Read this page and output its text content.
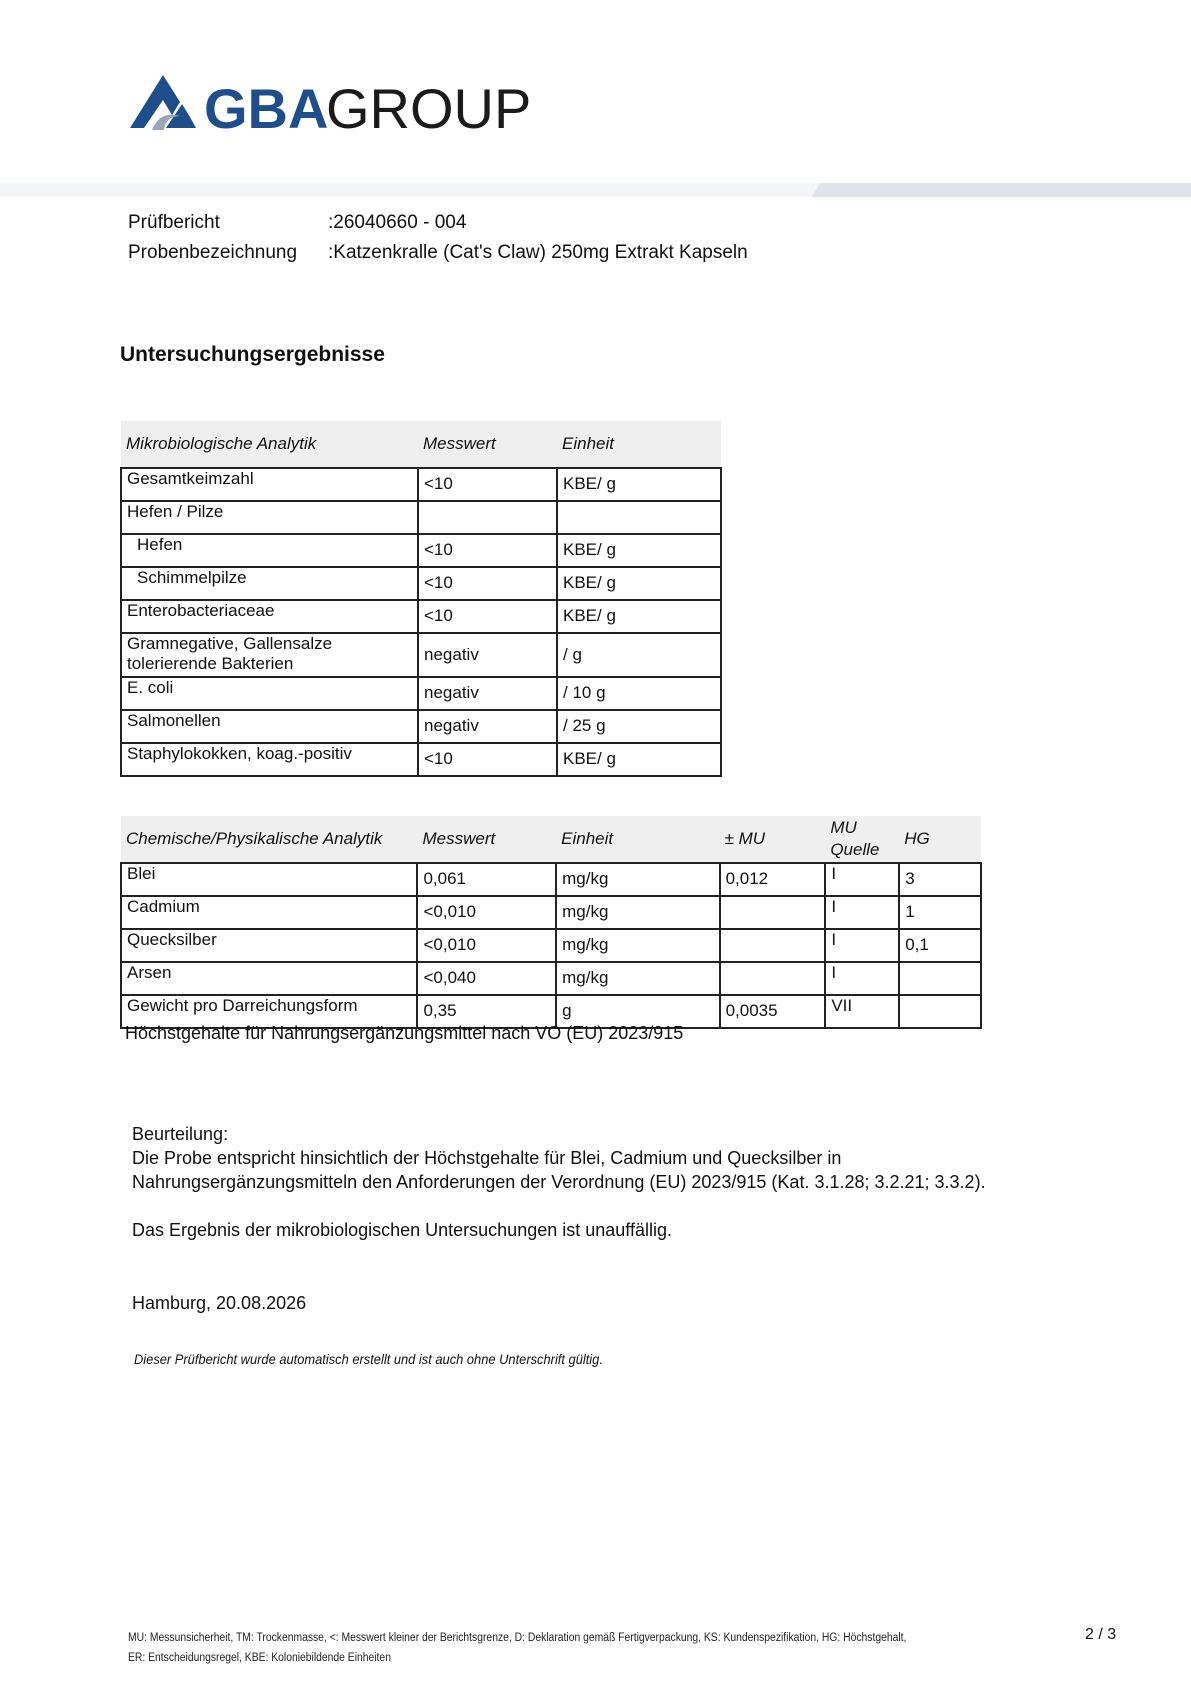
GBA
GROUP
Prüfbericht	:26040660 - 004
Probenbezeichnung	:Katzenkralle (Cat's Claw) 250mg Extrakt Kapseln
Untersuchungsergebnisse
Mikrobiologische Analytik	Messwert	Einheit
Gesamtkeimzahl	<10	KBE/ g
Hefen / Pilze		
Hefen	<10	KBE/ g
Schimmelpilze	<10	KBE/ g
Enterobacteriaceae	<10	KBE/ g
Gramnegative, Gallensalze tolerierende Bakterien	negativ	/ g
E. coli	negativ	/ 10 g
Salmonellen	negativ	/ 25 g
Staphylokokken, koag.-positiv	<10	KBE/ g
Chemische/Physikalische Analytik	Messwert	Einheit	± MU	MU Quelle	HG
Blei	0,061	mg/kg	0,012	I	3
Cadmium	<0,010	mg/kg		I	1
Quecksilber	<0,010	mg/kg		I	0,1
Arsen	<0,040	mg/kg		I	
Gewicht pro Darreichungsform	0,35	g	0,0035	VII	
Höchstgehalte für Nahrungsergänzungsmittel nach VO (EU) 2023/915

Beurteilung:

Die Probe entspricht hinsichtlich der Höchstgehalte für Blei, Cadmium und Quecksilber in

Nahrungsergänzungsmitteln den Anforderungen der Verordnung (EU) 2023/915 (Kat. 3.1.28; 3.2.21; 3.3.2).

Das Ergebnis der mikrobiologischen Untersuchungen ist unauffällig.

Hamburg, 20.08.2026
Dieser Prüfbericht wurde automatisch erstellt und ist auch ohne Unterschrift gültig.
MU: Messunsicherheit, TM: Trockenmasse, <: Messwert kleiner der Berichtsgrenze, D: Deklaration gemäß Fertigverpackung, KS: Kundenspezifikation, HG: Höchstgehalt,
ER: Entscheidungsregel, KBE: Koloniebildende Einheiten
2 / 3
